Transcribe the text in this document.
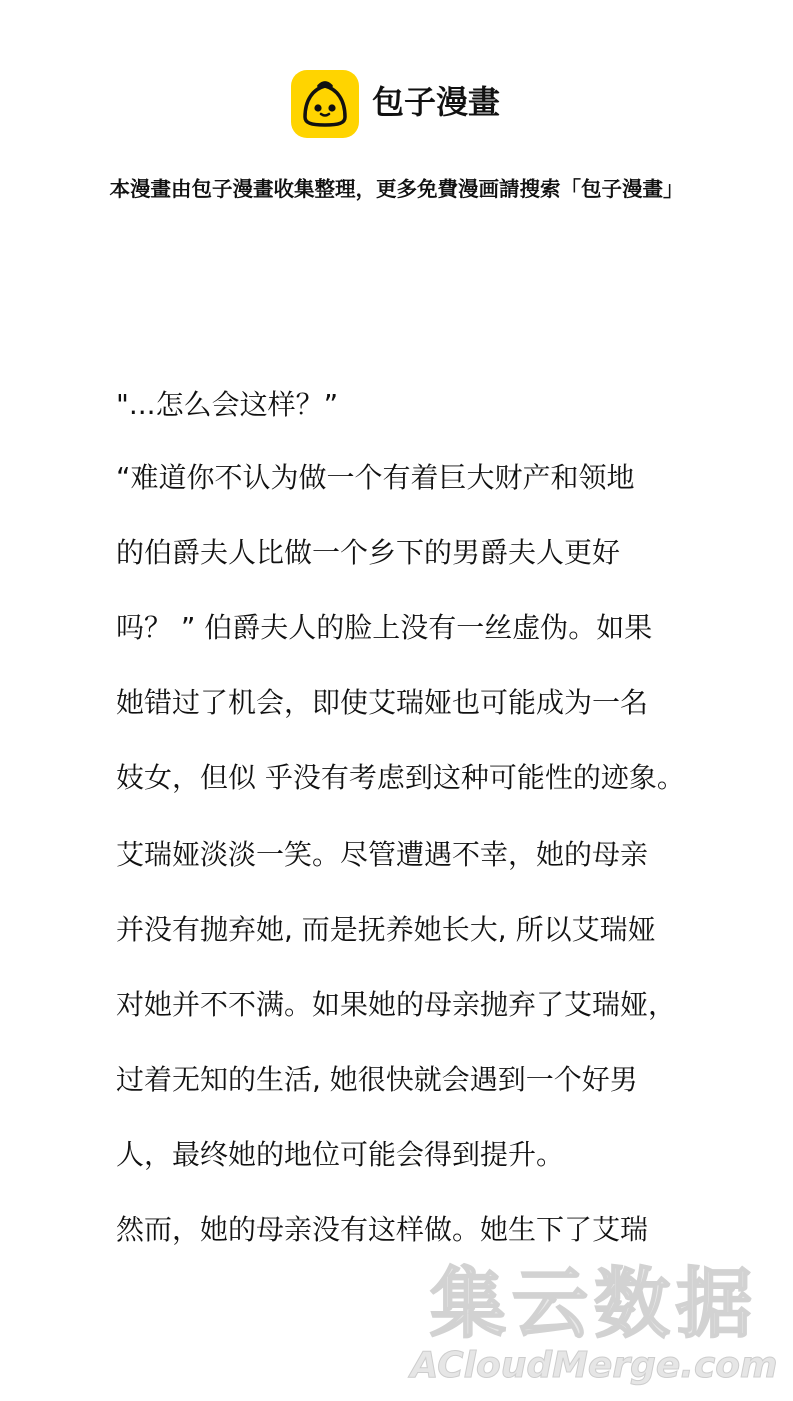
包子漫畫
本漫畫由包子漫畫收集整理，更多免費漫画請搜索「包子漫畫」
"...怎么会这样？”
“难道你不认为做一个有着巨大财产和领地
的伯爵夫人比做一个乡下的男爵夫人更好
吗？ ” 伯爵夫人的脸上没有一丝虚伪。如果
她错过了机会，即使艾瑞娅也可能成为一名
妓女，但似 乎没有考虑到这种可能性的迹象。
艾瑞娅淡淡一笑。尽管遭遇不幸，她的母亲
并没有抛弃她, 而是抚养她长大, 所以艾瑞娅
对她并不不满。如果她的母亲抛弃了艾瑞娅，
过着无知的生活, 她很快就会遇到一个好男
人，最终她的地位可能会得到提升。
然而，她的母亲没有这样做。她生下了艾瑞
集云数据
ACloudMerge.com
